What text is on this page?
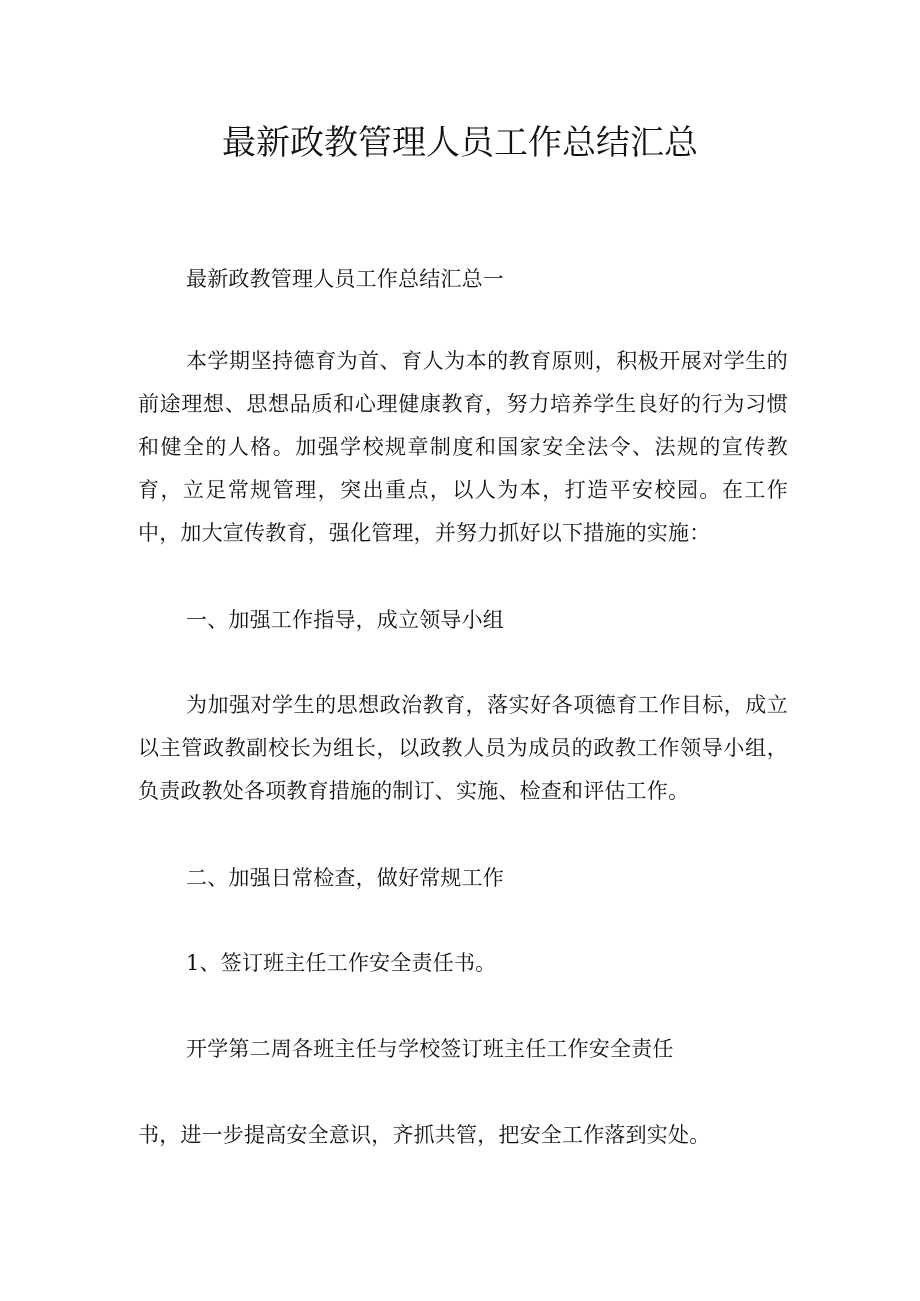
最新政教管理人员工作总结汇总

最新政教管理人员工作总结汇总一

本学期坚持德育为首、育人为本的教育原则，积极开展对学生的前途理想、思想品质和心理健康教育，努力培养学生良好的行为习惯和健全的人格。加强学校规章制度和国家安全法令、法规的宣传教育，立足常规管理，突出重点，以人为本，打造平安校园。在工作中，加大宣传教育，强化管理，并努力抓好以下措施的实施：

一、加强工作指导，成立领导小组

为加强对学生的思想政治教育，落实好各项德育工作目标，成立以主管政教副校长为组长，以政教人员为成员的政教工作领导小组，负责政教处各项教育措施的制订、实施、检查和评估工作。

二、加强日常检查，做好常规工作

1、签订班主任工作安全责任书。

开学第二周各班主任与学校签订班主任工作安全责任

书，进一步提高安全意识，齐抓共管，把安全工作落到实处。
